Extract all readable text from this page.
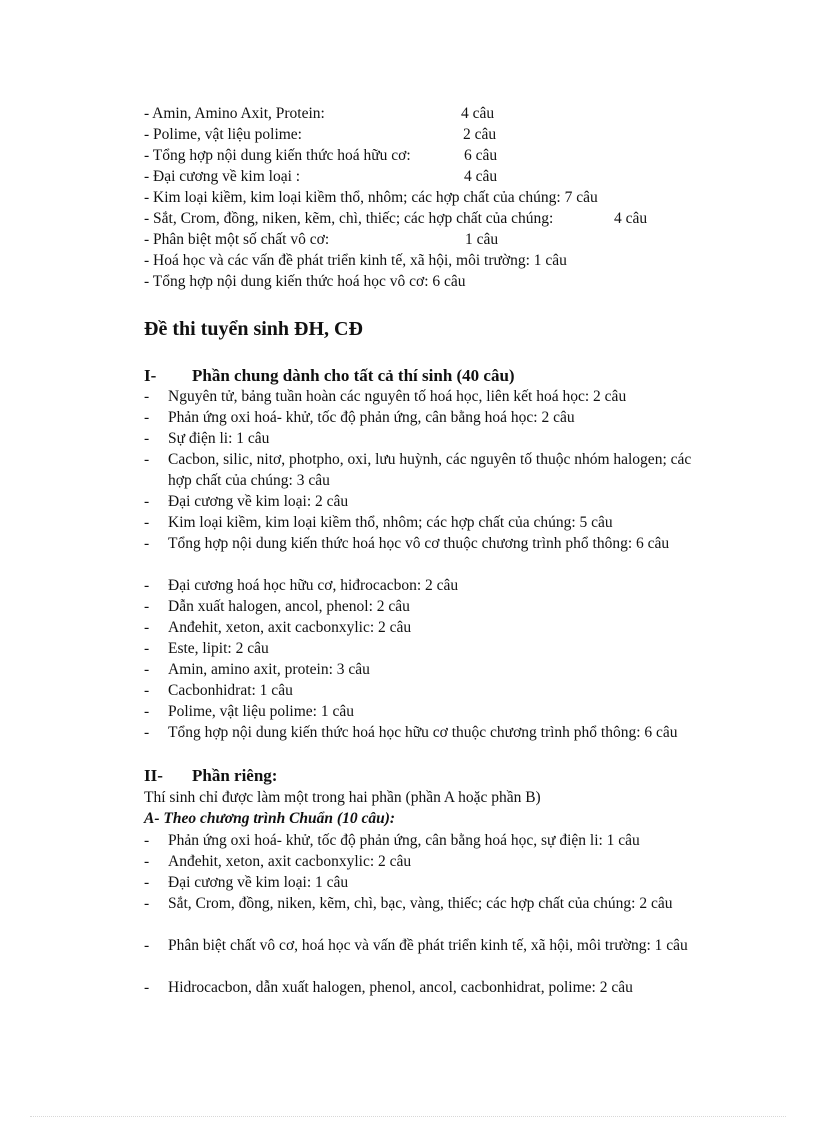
- Amin, Amino Axit, Protein:	4 câu
- Polime, vật liệu polime:	2 câu
- Tổng hợp nội dung kiến thức hoá hữu cơ:	6 câu
- Đại cương về kim loại :	4 câu
- Kim loại kiềm, kim loại kiềm thổ, nhôm; các hợp chất của chúng: 7 câu
- Sắt, Crom, đồng, niken, kẽm, chì, thiếc; các hợp chất của chúng:	4 câu
- Phân biệt một số chất vô cơ:	1 câu
- Hoá học và các vấn đề phát triển kinh tế, xã hội, môi trường: 1 câu
- Tổng hợp nội dung kiến thức hoá học vô cơ: 6 câu
Đề thi tuyển sinh ĐH, CĐ
I- Phần chung dành cho tất cả thí sinh (40 câu)
- Nguyên tử, bảng tuần hoàn các nguyên tố hoá học, liên kết hoá học: 2 câu
- Phản ứng oxi hoá- khử, tốc độ phản ứng, cân bằng hoá học: 2 câu
- Sự điện li: 1 câu
- Cacbon, silic, nitơ, photpho, oxi, lưu huỳnh, các nguyên tố thuộc nhóm halogen; các hợp chất của chúng: 3 câu
- Đại cương về kim loại: 2 câu
- Kim loại kiềm, kim loại kiềm thổ, nhôm; các hợp chất của chúng: 5 câu
- Tổng hợp nội dung kiến thức hoá học vô cơ thuộc chương trình phổ thông: 6 câu
- Đại cương hoá học hữu cơ, hiđrocacbon: 2 câu
- Dẫn xuất halogen, ancol, phenol: 2 câu
- Anđehit, xeton, axit cacbonxylic: 2 câu
- Este, lipit: 2 câu
- Amin, amino axit, protein: 3 câu
- Cacbonhidrat: 1 câu
- Polime, vật liệu polime: 1 câu
- Tổng hợp nội dung kiến thức hoá học hữu cơ thuộc chương trình phổ thông: 6 câu
II- Phần riêng:
Thí sinh chỉ được làm một trong hai phần (phần A hoặc phần B)
A- Theo chương trình Chuẩn (10 câu):
- Phản ứng oxi hoá- khử, tốc độ phản ứng, cân bằng hoá học, sự điện li: 1 câu
- Anđehit, xeton, axit cacbonxylic: 2 câu
- Đại cương về kim loại: 1 câu
- Sắt, Crom, đồng, niken, kẽm, chì, bạc, vàng, thiếc; các hợp chất của chúng: 2 câu
- Phân biệt chất vô cơ, hoá học và vấn đề phát triển kinh tế, xã hội, môi trường: 1 câu
- Hidrocacbon, dẫn xuất halogen, phenol, ancol, cacbonhidrat, polime: 2 câu
